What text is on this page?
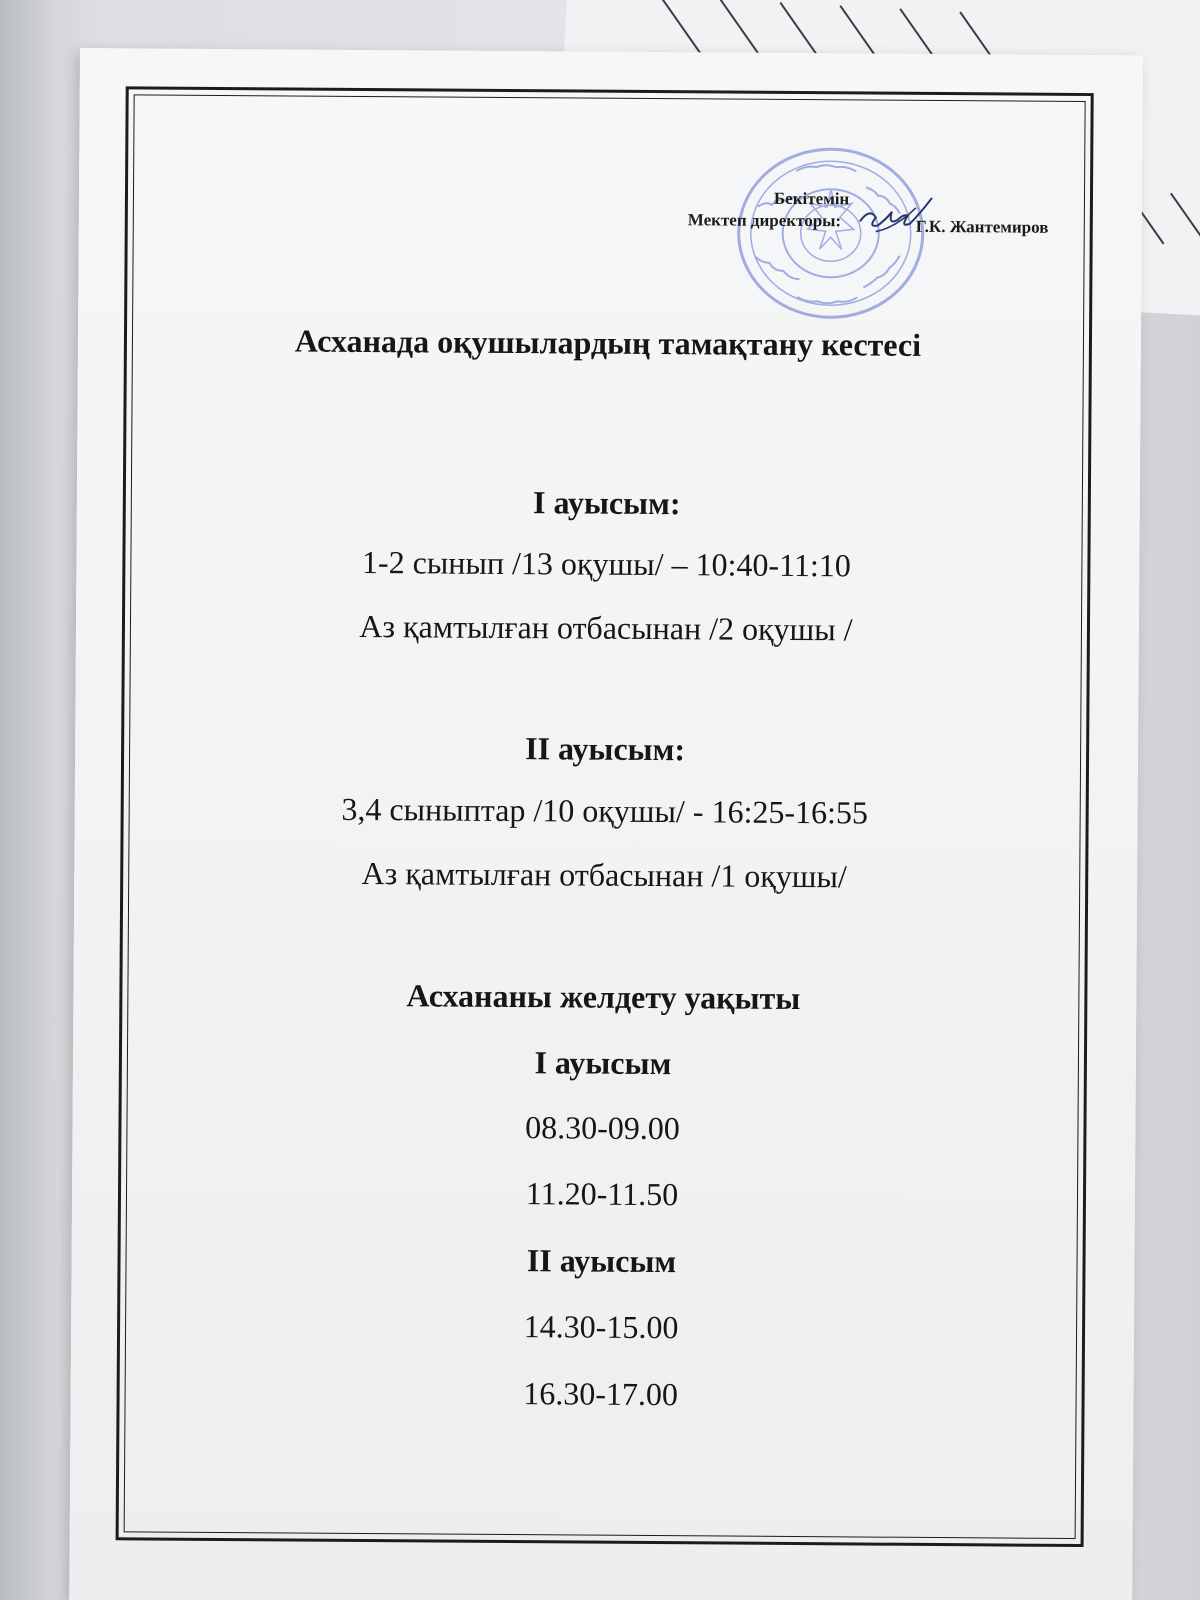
Бекітемін
Мектеп директоры:	Г.К. Жантемиров
Асханада оқушылардың тамақтану кестесі
І ауысым:
1-2 сынып /13 оқушы/ – 10:40-11:10
Аз қамтылған отбасынан /2 оқушы /
ІІ ауысым:
3,4 сыныптар /10 оқушы/ - 16:25-16:55
Аз қамтылған отбасынан /1 оқушы/
Асхананы желдету уақыты
І ауысым
08.30-09.00
11.20-11.50
ІІ ауысым
14.30-15.00
16.30-17.00
